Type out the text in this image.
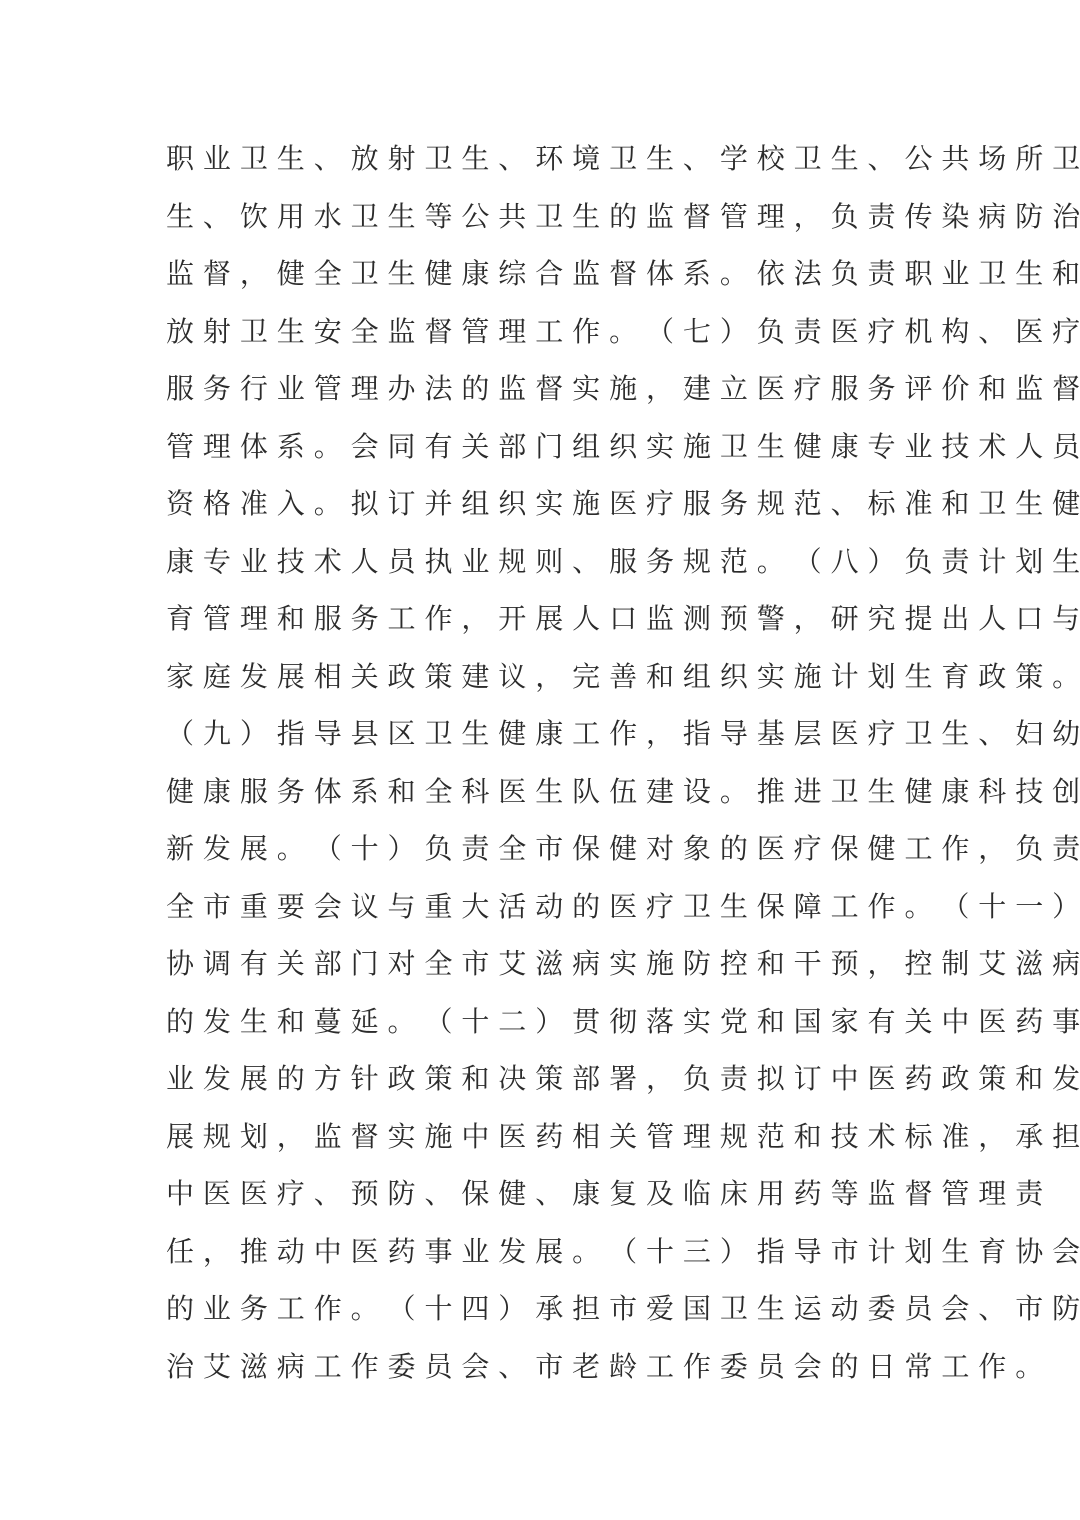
职 业 卫 生 、 放 射 卫 生 、 环 境 卫 生 、 学 校 卫 生 、 公 共 场 所 卫
生 、 饮 用 水 卫 生 等 公 共 卫 生 的 监 督 管 理 ， 负 责 传 染 病 防 治
监 督 ， 健 全 卫 生 健 康 综 合 监 督 体 系 。 依 法 负 责 职 业 卫 生 和
放 射 卫 生 安 全 监 督 管 理 工 作 。 （ 七 ） 负 责 医 疗 机 构 、 医 疗
服 务 行 业 管 理 办 法 的 监 督 实 施 ， 建 立 医 疗 服 务 评 价 和 监 督
管 理 体 系 。 会 同 有 关 部 门 组 织 实 施 卫 生 健 康 专 业 技 术 人 员
资 格 准 入 。 拟 订 并 组 织 实 施 医 疗 服 务 规 范 、 标 准 和 卫 生 健
康 专 业 技 术 人 员 执 业 规 则 、 服 务 规 范 。 （ 八 ） 负 责 计 划 生
育 管 理 和 服 务 工 作 ， 开 展 人 口 监 测 预 警 ， 研 究 提 出 人 口 与
家 庭 发 展 相 关 政 策 建 议 ， 完 善 和 组 织 实 施 计 划 生 育 政 策 。
（ 九 ） 指 导 县 区 卫 生 健 康 工 作 ， 指 导 基 层 医 疗 卫 生 、 妇 幼
健 康 服 务 体 系 和 全 科 医 生 队 伍 建 设 。 推 进 卫 生 健 康 科 技 创
新 发 展 。 （ 十 ） 负 责 全 市 保 健 对 象 的 医 疗 保 健 工 作 ， 负 责
全 市 重 要 会 议 与 重 大 活 动 的 医 疗 卫 生 保 障 工 作 。 （ 十 一 ）
协 调 有 关 部 门 对 全 市 艾 滋 病 实 施 防 控 和 干 预 ， 控 制 艾 滋 病
的 发 生 和 蔓 延 。 （ 十 二 ） 贯 彻 落 实 党 和 国 家 有 关 中 医 药 事
业 发 展 的 方 针 政 策 和 决 策 部 署 ， 负 责 拟 订 中 医 药 政 策 和 发
展 规 划 ， 监 督 实 施 中 医 药 相 关 管 理 规 范 和 技 术 标 准 ， 承 担
中 医 医 疗 、 预 防 、 保 健 、 康 复 及 临 床 用 药 等 监 督 管 理 责
任 ， 推 动 中 医 药 事 业 发 展 。 （ 十 三 ） 指 导 市 计 划 生 育 协 会
的 业 务 工 作 。 （ 十 四 ） 承 担 市 爱 国 卫 生 运 动 委 员 会 、 市 防
治 艾 滋 病 工 作 委 员 会 、 市 老 龄 工 作 委 员 会 的 日 常 工 作 。
